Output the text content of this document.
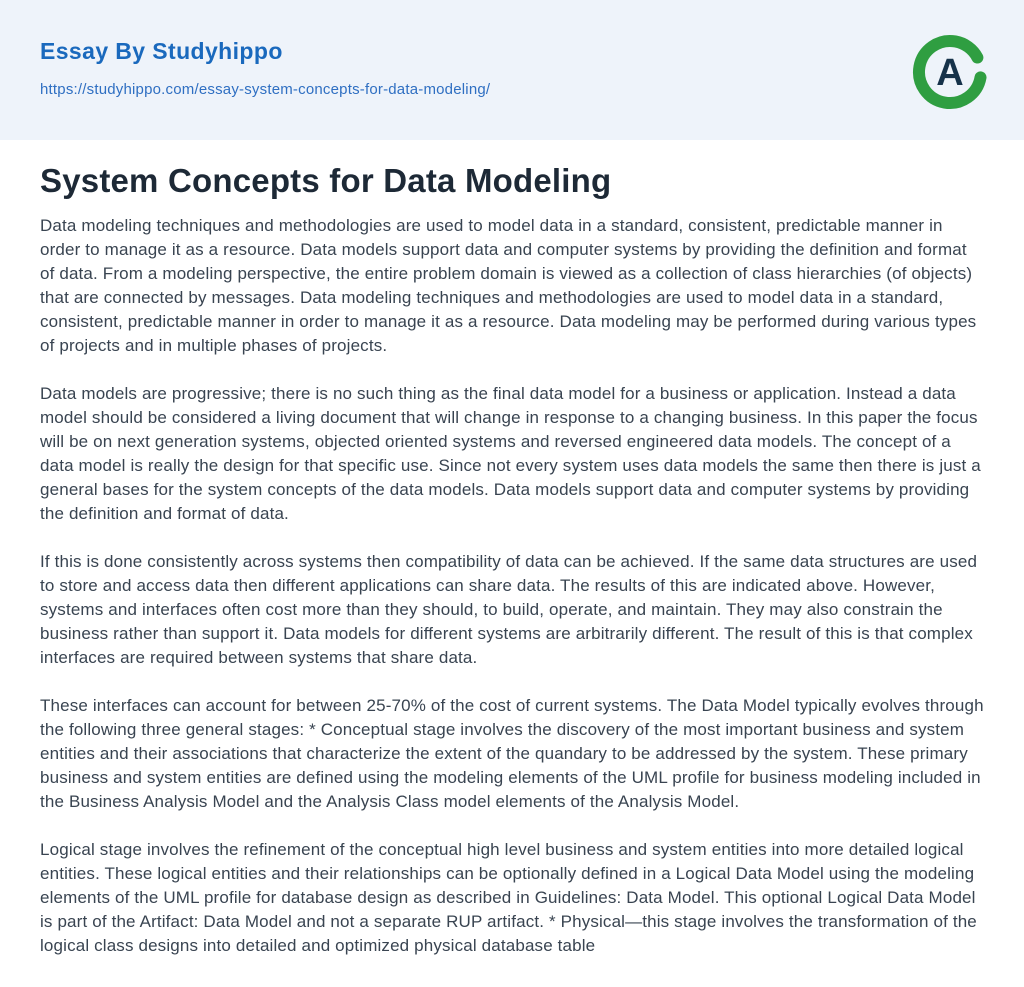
Essay By Studyhippo
https://studyhippo.com/essay-system-concepts-for-data-modeling/	A
System Concepts for Data Modeling

Data modeling techniques and methodologies are used to model data in a standard, consistent, predictable manner in order to manage it as a resource. Data models support data and computer systems by providing the definition and format of data. From a modeling perspective, the entire problem domain is viewed as a collection of class hierarchies (of objects) that are connected by messages. Data modeling techniques and methodologies are used to model data in a standard, consistent, predictable manner in order to manage it as a resource. Data modeling may be performed during various types of projects and in multiple phases of projects.

Data models are progressive; there is no such thing as the final data model for a business or application. Instead a data model should be considered a living document that will change in response to a changing business. In this paper the focus will be on next generation systems, objected oriented systems and reversed engineered data models. The concept of a data model is really the design for that specific use. Since not every system uses data models the same then there is just a general bases for the system concepts of the data models. Data models support data and computer systems by providing the definition and format of data.

If this is done consistently across systems then compatibility of data can be achieved. If the same data structures are used to store and access data then different applications can share data. The results of this are indicated above. However, systems and interfaces often cost more than they should, to build, operate, and maintain. They may also constrain the business rather than support it. Data models for different systems are arbitrarily different. The result of this is that complex interfaces are required between systems that share data.

These interfaces can account for between 25-70% of the cost of current systems. The Data Model typically evolves through the following three general stages: * Conceptual stage involves the discovery of the most important business and system entities and their associations that characterize the extent of the quandary to be addressed by the system. These primary business and system entities are defined using the modeling elements of the UML profile for business modeling included in the Business Analysis Model and the Analysis Class model elements of the Analysis Model.

Logical stage involves the refinement of the conceptual high level business and system entities into more detailed logical entities. These logical entities and their relationships can be optionally defined in a Logical Data Model using the modeling elements of the UML profile for database design as described in Guidelines: Data Model. This optional Logical Data Model is part of the Artifact: Data Model and not a separate RUP artifact. * Physical—this stage involves the transformation of the logical class designs into detailed and optimized physical database table
